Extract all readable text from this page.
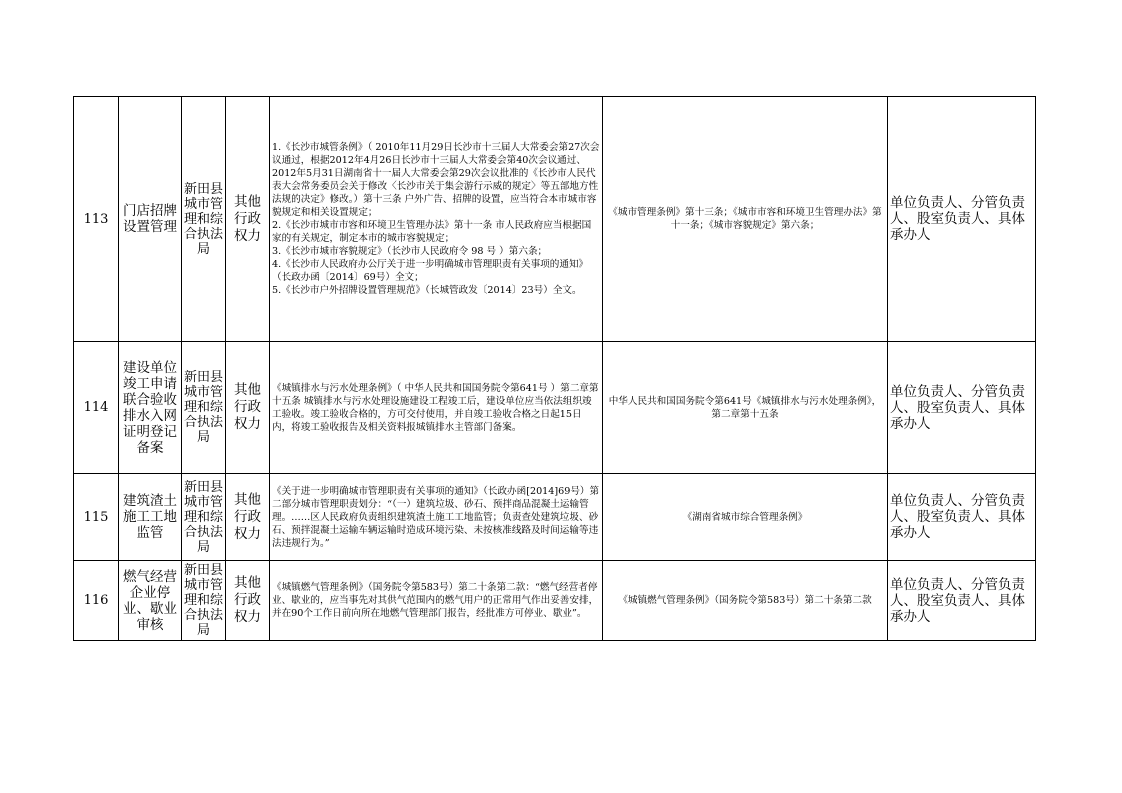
113	门店招牌设置管理	新田县城市管理和综合执法局	其他行政权力	1.《长沙市城管条例》（ 2010年11月29日长沙市十三届人大常委会第27次会议通过，根据2012年4月26日长沙市十三届人大常委会第40次会议通过、2012年5月31日湖南省十一届人大常委会第29次会议批准的《长沙市人民代表大会常务委员会关于修改〈长沙市关于集会游行示威的规定〉等五部地方性法规的决定》修改。）第十三条 户外广告、招牌的设置，应当符合本市城市容貌规定和相关设置规定；
2.《长沙市城市市容和环境卫生管理办法》第十一条 市人民政府应当根据国家的有关规定，制定本市的城市容貌规定；
3.《长沙市城市容貌规定》（长沙市人民政府令 98 号 ）第六条；
4.《长沙市人民政府办公厅关于进一步明确城市管理职责有关事项的通知》（长政办函〔2014〕69号）全文；
5.《长沙市户外招牌设置管理规范》（长城管政发〔2014〕23号）全文。	《城市管理条例》第十三条；《城市市容和环境卫生管理办法》第十一条；《城市容貌规定》第六条；	单位负责人、分管负责人、股室负责人、具体承办人
114	建设单位竣工申请联合验收排水入网证明登记备案	新田县城市管理和综合执法局	其他行政权力	《城镇排水与污水处理条例》（ 中华人民共和国国务院令第641号 ）第二章第十五条 城镇排水与污水处理设施建设工程竣工后，建设单位应当依法组织竣工验收。竣工验收合格的，方可交付使用，并自竣工验收合格之日起15日内，将竣工验收报告及相关资料报城镇排水主管部门备案。	中华人民共和国国务院令第641号《城镇排水与污水处理条例》，第二章第十五条	单位负责人、分管负责人、股室负责人、具体承办人
115	建筑渣土施工工地监管	新田县城市管理和综合执法局	其他行政权力	《关于进一步明确城市管理职责有关事项的通知》（长政办函[2014]69号）第二部分城市管理职责划分：“（一）建筑垃圾、砂石、预拌商品混凝土运输管理。……区人民政府负责组织建筑渣土施工工地监管；负责查处建筑垃圾、砂石、预拌混凝土运输车辆运输时造成环境污染、未按核准线路及时间运输等违法违规行为。”	《湖南省城市综合管理条例》	单位负责人、分管负责人、股室负责人、具体承办人
116	燃气经营企业停业、歇业审核	新田县城市管理和综合执法局	其他行政权力	《城镇燃气管理条例》（国务院令第583号）第二十条第二款：“燃气经营者停业、歇业的，应当事先对其供气范围内的燃气用户的正常用气作出妥善安排，并在90个工作日前向所在地燃气管理部门报告，经批准方可停业、歇业”。	《城镇燃气管理条例》（国务院令第583号）第二十条第二款	单位负责人、分管负责人、股室负责人、具体承办人
